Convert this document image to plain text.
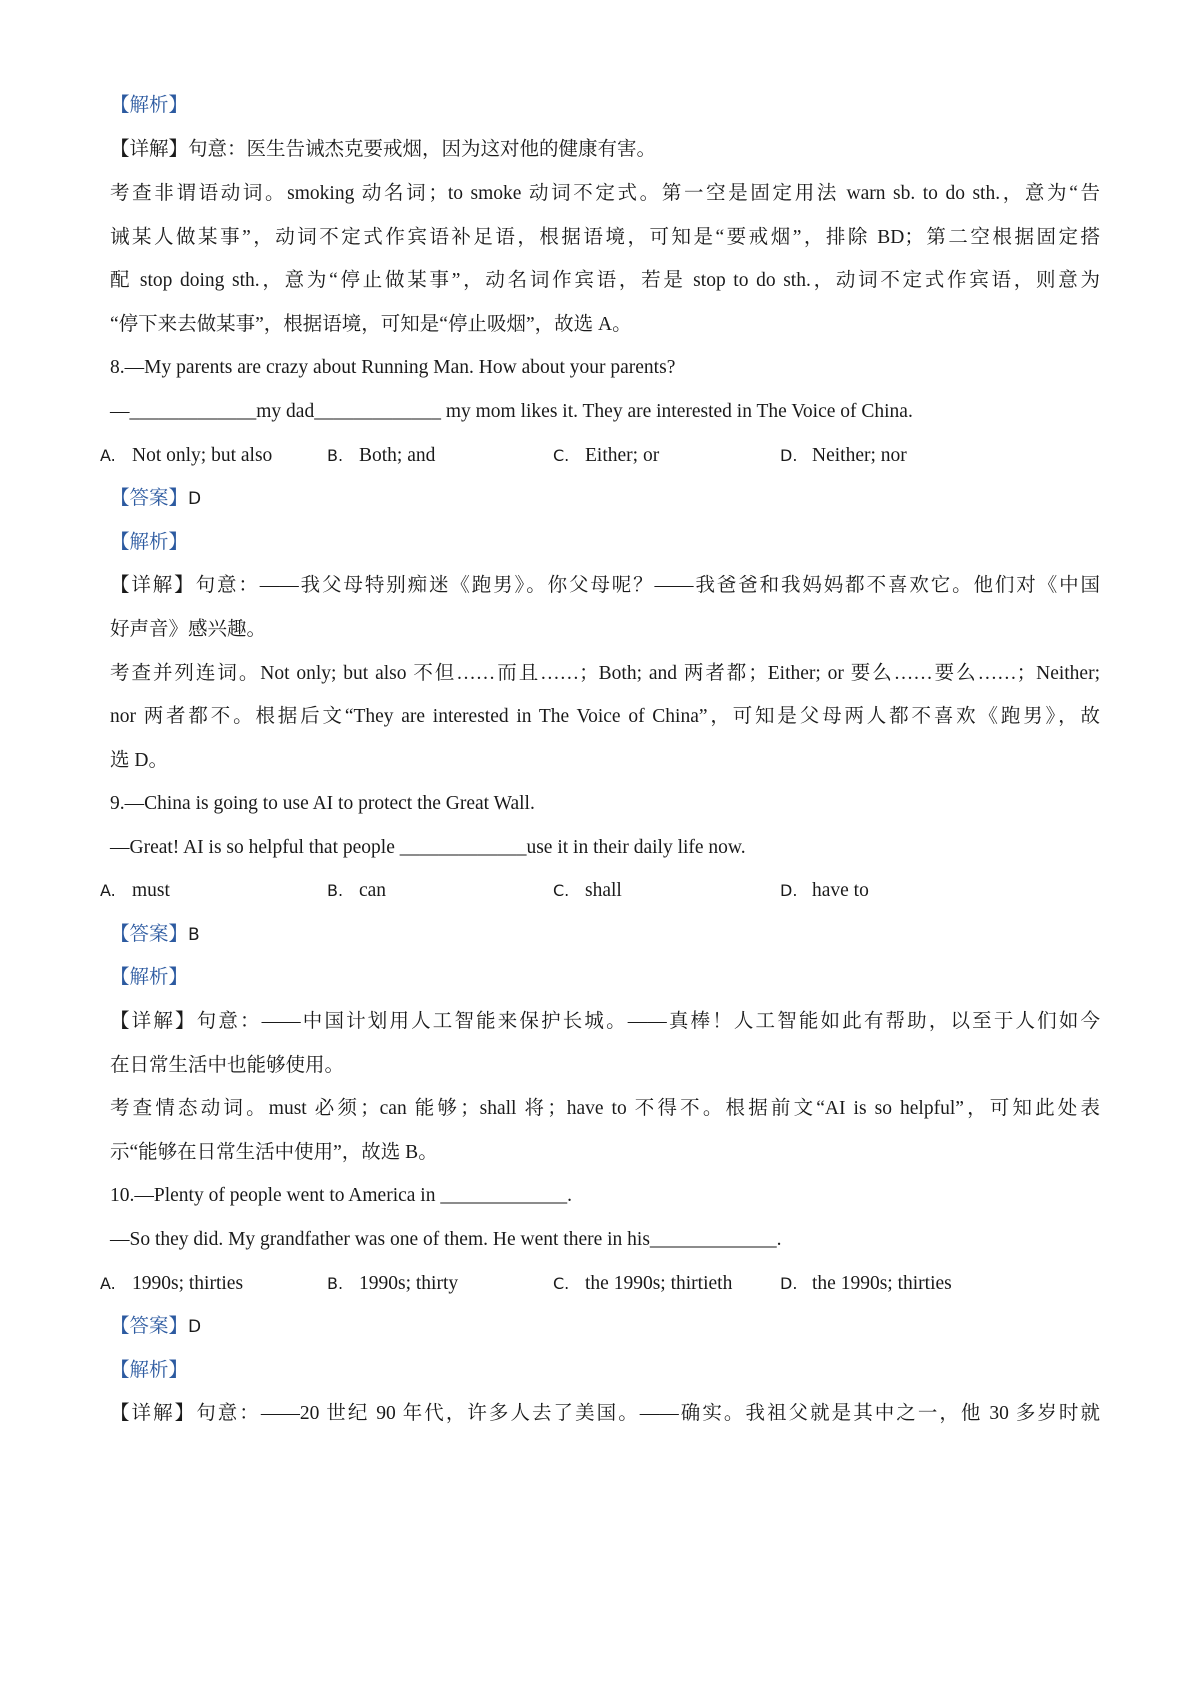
【解析】
【详解】句意：医生告诫杰克要戒烟，因为这对他的健康有害。
考查非谓语动词。smoking 动名词；to smoke 动词不定式。第一空是固定用法 warn sb. to do sth.，意为“告
诫某人做某事”，动词不定式作宾语补足语，根据语境，可知是“要戒烟”，排除 BD；第二空根据固定搭
配 stop doing sth.，意为“停止做某事”，动名词作宾语，若是 stop to do sth.，动词不定式作宾语，则意为
“停下来去做某事”，根据语境，可知是“停止吸烟”，故选 A。
8.—My parents are crazy about Running Man. How about your parents?
—_____________my dad_____________ my mom likes it. They are interested in The Voice of China.
A. Not only; but also	B. Both; and	C. Either; or	D. Neither; nor
【答案】D
【解析】
【详解】句意：——我父母特别痴迷《跑男》。你父母呢？——我爸爸和我妈妈都不喜欢它。他们对《中国
好声音》感兴趣。
考查并列连词。Not only; but also 不但……而且……；Both; and 两者都；Either; or 要么……要么……；Neither;
nor 两者都不。根据后文“They are interested in The Voice of China”，可知是父母两人都不喜欢《跑男》，故
选 D。
9.—China is going to use AI to protect the Great Wall.
—Great! AI is so helpful that people _____________use it in their daily life now.
A. must	B. can	C. shall	D. have to
【答案】B
【解析】
【详解】句意：——中国计划用人工智能来保护长城。——真棒！人工智能如此有帮助，以至于人们如今
在日常生活中也能够使用。
考查情态动词。must 必须；can 能够；shall 将；have to 不得不。根据前文“AI is so helpful”，可知此处表
示“能够在日常生活中使用”，故选 B。
10.—Plenty of people went to America in _____________.
—So they did. My grandfather was one of them. He went there in his_____________.
A. 1990s; thirties	B. 1990s; thirty	C. the 1990s; thirtieth	D. the 1990s; thirties
【答案】D
【解析】
【详解】句意：——20 世纪 90 年代，许多人去了美国。——确实。我祖父就是其中之一，他 30 多岁时就
